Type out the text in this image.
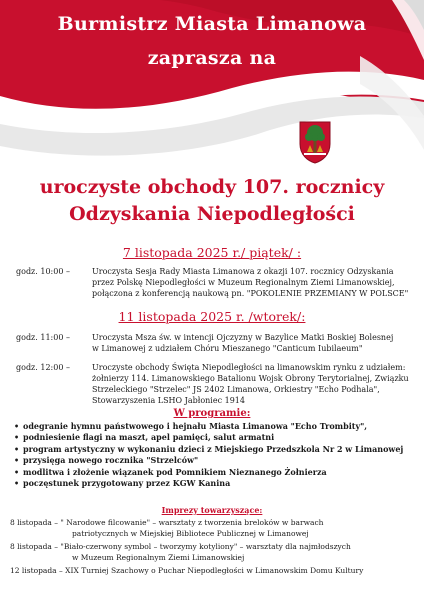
Burmistrz Miasta Limanowa
zaprasza na
uroczyste obchody 107. rocznicy
Odzyskania Niepodległości
7 listopada 2025 r./ piątek/ :
godz. 10:00 –	Uroczysta Sesja Rady Miasta Limanowa z okazji 107. rocznicy Odzyskania
przez Polskę Niepodległości w Muzeum Regionalnym Ziemi Limanowskiej,
połączona z konferencją naukową pn. "POKOLENIE PRZEMIANY W POLSCE"
11 listopada 2025 r. /wtorek/:
godz. 11:00 –	Uroczysta Msza św. w intencji Ojczyzny w Bazylice Matki Boskiej Bolesnej
w Limanowej z udziałem Chóru Mieszanego "Canticum Iubilaeum"
godz. 12:00 –	Uroczyste obchody Święta Niepodległości na limanowskim rynku z udziałem:
żołnierzy 114. Limanowskiego Batalionu Wojsk Obrony Terytorialnej, Związku
Strzeleckiego "Strzelec" JS 2402 Limanowa, Orkiestry "Echo Podhala",
Stowarzyszenia LSHO Jabłoniec 1914
W programie:
• odegranie hymnu państwowego i hejnału Miasta Limanowa "Echo Trombity",
• podniesienie flagi na maszt, apel pamięci, salut armatni
• program artystyczny w wykonaniu dzieci z Miejskiego Przedszkola Nr 2 w Limanowej
• przysięga nowego rocznika "Strzelców"
• modlitwa i złożenie wiązanek pod Pomnikiem Nieznanego Żołnierza
• poczęstunek przygotowany przez KGW Kanina
Imprezy towarzyszące:
8 listopada – " Narodowe filcowanie" – warsztaty z tworzenia breloków w barwach
patriotycznych w Miejskiej Bibliotece Publicznej w Limanowej
8 listopada – "Biało-czerwony symbol – tworzymy kotyliony" – warsztaty dla najmłodszych
w Muzeum Regionalnym Ziemi Limanowskiej
12 listopada – XIX Turniej Szachowy o Puchar Niepodległości w Limanowskim Domu Kultury
